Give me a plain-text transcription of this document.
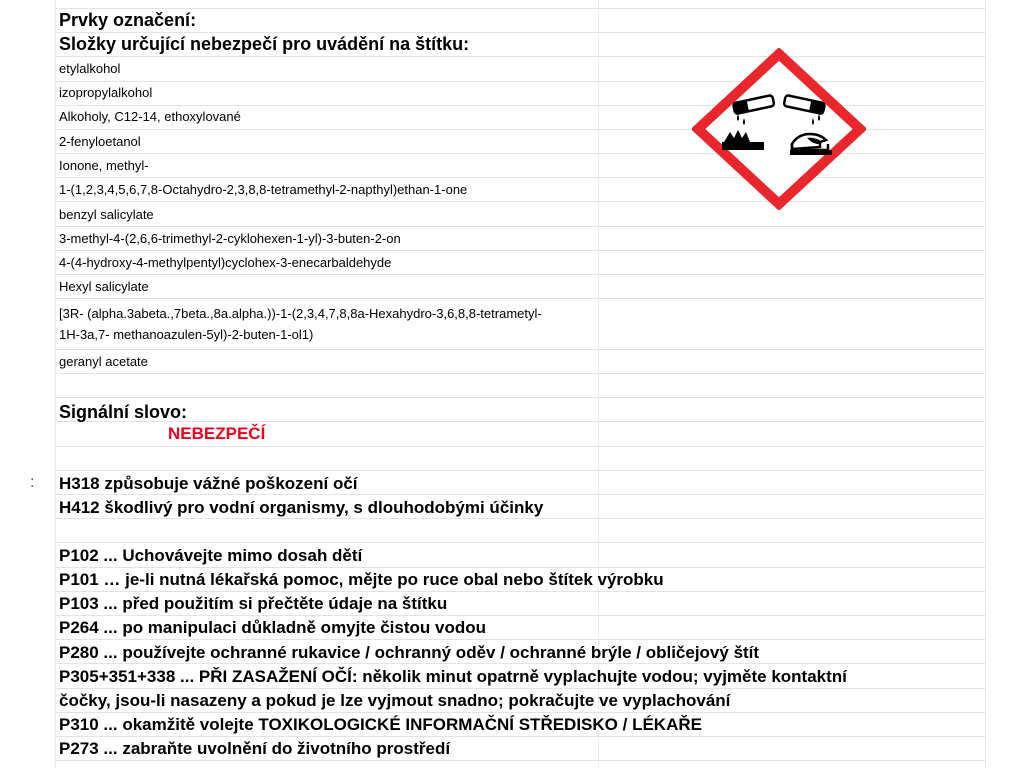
:
Prvky označení:
Složky určující nebezpečí pro uvádění na štítku:
etylalkohol
izopropylalkohol
Alkoholy, C12-14, ethoxylované
2-fenyloetanol
Ionone, methyl-
1-(1,2,3,4,5,6,7,8-Octahydro-2,3,8,8-tetramethyl-2-napthyl)ethan-1-one
benzyl salicylate
3-methyl-4-(2,6,6-trimethyl-2-cyklohexen-1-yl)-3-buten-2-on
4-(4-hydroxy-4-methylpentyl)cyclohex-3-enecarbaldehyde
Hexyl salicylate
[3R- (alpha.3abeta.,7beta.,8a.alpha.))-1-(2,3,4,7,8,8a-Hexahydro-3,6,8,8-tetrametyl-
1H-3a,7- methanoazulen-5yl)-2-buten-1-ol1)
geranyl acetate
Signální slovo:
NEBEZPEČÍ
H318 způsobuje vážné poškození očí
H412 škodlivý pro vodní organismy, s dlouhodobými účinky
P102 ... Uchovávejte mimo dosah dětí
P101 … je-li nutná lékařská pomoc, mějte po ruce obal nebo štítek výrobku
P103 ... před použitím si přečtěte údaje na štítku
P264 ... po manipulaci důkladně omyjte čistou vodou
P280 ... používejte ochranné rukavice / ochranný oděv / ochranné brýle / obličejový štít
P305+351+338 ... PŘI ZASAŽENÍ OČÍ: několik minut opatrně vyplachujte vodou; vyjměte kontaktní
čočky, jsou-li nasazeny a pokud je lze vyjmout snadno; pokračujte ve vyplachování
P310 ... okamžitě volejte TOXIKOLOGICKÉ INFORMAČNÍ STŘEDISKO / LÉKAŘE
P273 ... zabraňte uvolnění do životního prostředí
